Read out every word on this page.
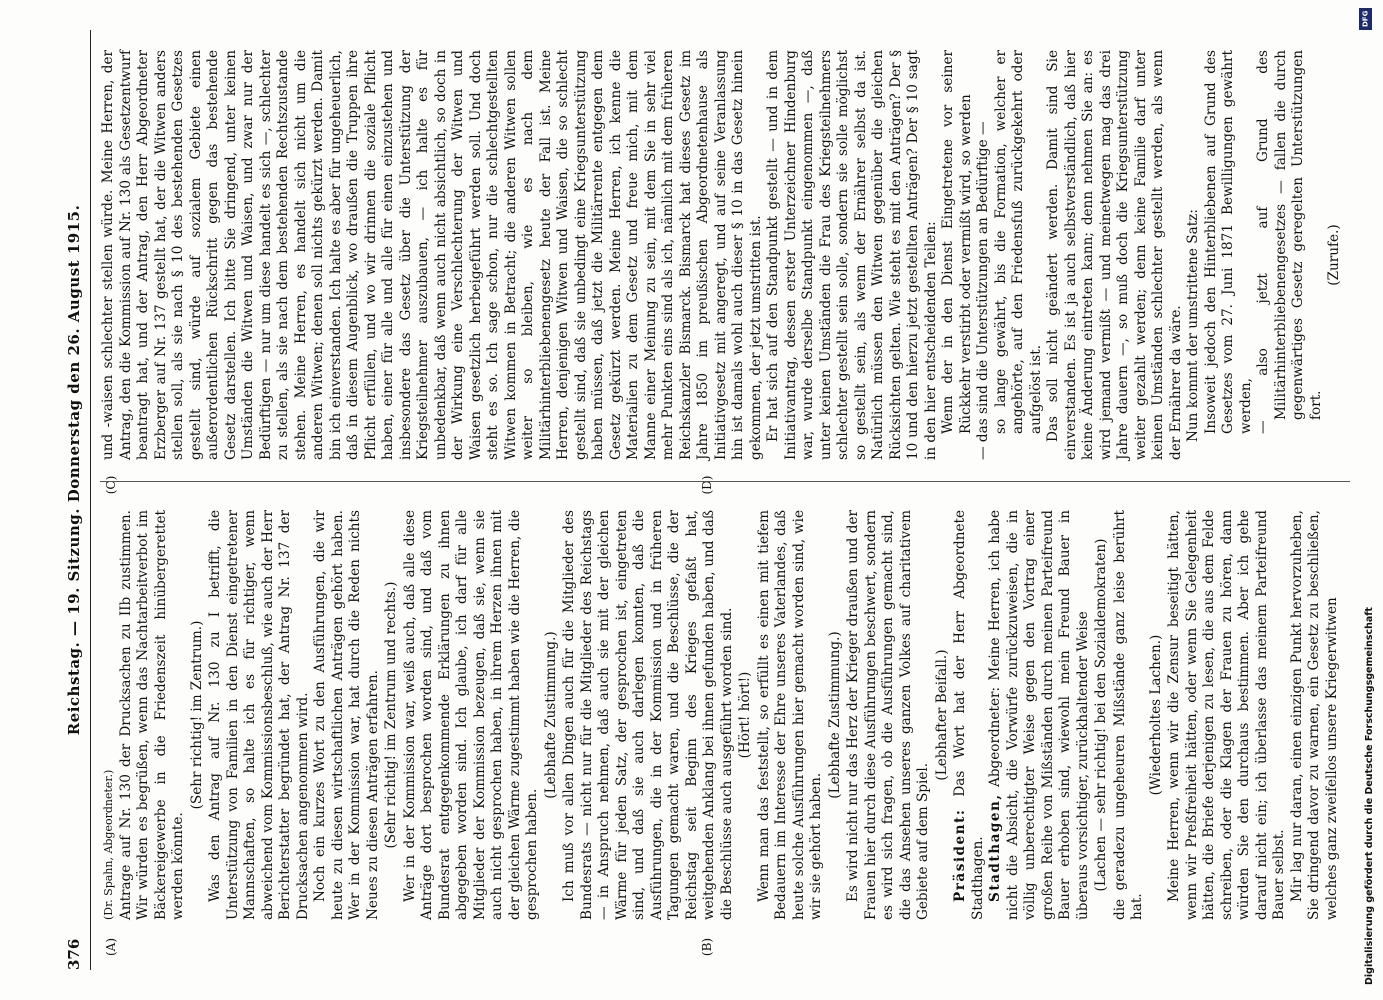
376
Reichstag. — 19. Sitzung. Donnerstag den 26. August 1915.
(A)	(B)
(C)	(D)

(Dr. Spahn, Abgeordneter.) Antrage auf Nr. 130 der Drucksachen zu IIb zustimmen. Wir würden es begrüßen, wenn das Nachtarbeitverbot im Bäckereigewerbe in die Friedenszeit hinübergerettet werden könnte.

(Sehr richtig! im Zentrum.) Was den Antrag auf Nr. 130 zu I betrifft, die Unterstützung von Familien in den Dienst eingetretener Mannschaften, so halte ich es für richtiger, wenn abweichend vom Kommissionsbeschluß, wie auch der Herr Berichterstatter begründet hat, der Antrag Nr. 137 der Drucksachen angenommen wird. Noch ein kurzes Wort zu den Ausführungen, die wir heute zu diesen wirtschaftlichen Anträgen gehört haben. Wer in der Kommission war, hat durch die Reden nichts Neues zu diesen Anträgen erfahren. (Sehr richtig! im Zentrum und rechts.) Wer in der Kommission war, weiß auch, daß alle diese Anträge dort besprochen worden sind, und daß vom Bundesrat entgegenkommende Erklärungen zu ihnen abgegeben worden sind. Ich glaube, ich darf für alle Mitglieder der Kommission bezeugen, daß sie, wenn sie auch nicht gesprochen haben, in ihrem Herzen ihnen mit der gleichen Wärme zugestimmt haben wie die Herren, die gesprochen haben.

(Lebhafte Zustimmung.) Ich muß vor allen Dingen auch für die Mitglieder des Bundesrats — nicht nur für die Mitglieder des Reichstags — in Anspruch nehmen, daß auch sie mit der gleichen Wärme für jeden Satz, der gesprochen ist, eingetreten sind, und daß sie auch darlegen konnten, daß die Ausführungen, die in der Kommission und in früheren Tagungen gemacht waren, und die Beschlüsse, die der Reichstag seit Beginn des Krieges gefaßt hat, weitgehenden Anklang bei ihnen gefunden haben, und daß die Beschlüsse auch ausgeführt worden sind. (Hört! hört!) Wenn man das feststellt, so erfüllt es einen mit tiefem Bedauern im Interesse der Ehre unseres Vaterlandes, daß heute solche Ausführungen hier gemacht worden sind, wie wir sie gehört haben.

(Lebhafte Zustimmung.) Es wird nicht nur das Herz der Krieger draußen und der Frauen hier durch diese Ausführungen beschwert, sondern es wird sich fragen, ob die Ausführungen gemacht sind, die das Ansehen unseres ganzen Volkes auf charitativem Gebiete auf dem Spiel.

(Lebhafter Beifall.)

Präsident: Das Wort hat der Herr Abgeordnete Stadthagen. Stadthagen, Abgeordneter: Meine Herren, ich habe nicht die Absicht, die Vorwürfe zurückzuweisen, die in völlig unberechtigter Weise gegen den Vortrag einer großen Reihe von Mißständen durch meinen Parteifreund Bauer erhoben sind, wiewohl mein Freund Bauer in überaus vorsichtiger, zurückhaltender Weise (Lachen — sehr richtig! bei den Sozialdemokraten) die geradezu ungeheuren Mißstände ganz leise berührt hat.

(Wiederholtes Lachen.) Meine Herren, wenn wir die Zensur beseitigt hätten, wenn wir Preßfreiheit hätten, oder wenn Sie Gelegenheit hätten, die Briefe derjenigen zu lesen, die aus dem Felde schreiben, oder die Klagen der Frauen zu hören, dann würden Sie den durchaus bestimmen. Aber ich gehe darauf nicht ein; ich überlasse das meinem Parteifreund Bauer selbst. Mir lag nur daran, einen einzigen Punkt hervorzuheben, Sie dringend davor zu warnen, ein Gesetz zu beschließen, welches ganz zweifellos unsere Kriegerwitwen

und -waisen schlechter stellen würde. Meine Herren, der Antrag, den die Kommission auf Nr. 130 als Gesetzentwurf beantragt hat, und der Antrag, den Herr Abgeordneter Erzberger auf Nr. 137 gestellt hat, der die Witwen anders stellen soll, als sie nach § 10 des bestehenden Gesetzes gestellt sind, würde auf sozialem Gebiete einen außerordentlichen Rückschritt gegen das bestehende Gesetz darstellen. Ich bitte Sie dringend, unter keinen Umständen die Witwen und Waisen, und zwar nur der Bedürftigen — nur um diese handelt es sich —, schlechter zu stellen, als sie nach dem bestehenden Rechtszustande stehen. Meine Herren, es handelt sich nicht um die anderen Witwen; denen soll nichts gekürzt werden. Damit bin ich einverstanden. Ich halte es aber für ungeheuerlich, daß in diesem Augenblick, wo draußen die Truppen ihre Pflicht erfüllen, und wo wir drinnen die soziale Pflicht haben, einer für alle und alle für einen einzustehen und insbesondere das Gesetz über die Unterstützung der Kriegsteilnehmer auszubauen, — ich halte es für unbedenkbar, daß wenn auch nicht absichtlich, so doch in der Wirkung eine Verschlechterung der Witwen und Waisen gesetzlich herbeigeführt werden soll. Und doch steht es so. Ich sage schon, nur die schlechtgestellten Witwen kommen in Betracht; die anderen Witwen sollen weiter so bleiben, wie es nach dem Militärhinterbliebenengesetz heute der Fall ist. Meine Herren, denjenigen Witwen und Waisen, die so schlecht gestellt sind, daß sie unbedingt eine Kriegsunterstützung haben müssen, daß jetzt die Militärrente entgegen dem Gesetz gekürzt werden. Meine Herren, ich kenne die Materialien zu dem Gesetz und freue mich, mit dem Manne einer Meinung zu sein, mit dem Sie in sehr viel mehr Punkten eins sind als ich, nämlich mit dem früheren Reichskanzler Bismarck. Bismarck hat dieses Gesetz im Jahre 1850 im preußischen Abgeordnetenhause als Initiativgesetz mit angeregt, und auf seine Veranlassung hin ist damals wohl auch dieser § 10 in das Gesetz hinein gekommen, der jetzt umstritten ist. Er hat sich auf den Standpunkt gestellt — und in dem Initiativantrag, dessen erster Unterzeichner Hindenburg war, wurde derselbe Standpunkt eingenommen —, daß unter keinen Umständen die Frau des Kriegsteilnehmers schlechter gestellt sein solle, sondern sie solle möglichst so gestellt sein, als wenn der Ernährer selbst da ist. Natürlich müssen den Witwen gegenüber die gleichen Rücksichten gelten. Wie steht es mit den Anträgen? Der § 10 und den hierzu jetzt gestellten Anträgen? Der § 10 sagt in den hier entscheidenden Teilen: Wenn der in den Dienst Eingetretene vor seiner Rückkehr verstirbt oder vermißt wird, so werden — das sind die Unterstützungen an Bedürftige — so lange gewährt, bis die Formation, welcher er angehörte, auf den Friedensfuß zurückgekehrt oder aufgelöst ist. Das soll nicht geändert werden. Damit sind Sie einverstanden. Es ist ja auch selbstverständlich, daß hier keine Änderung eintreten kann; denn nehmen Sie an: es wird jemand vermißt — und meinetwegen mag das drei Jahre dauern —, so muß doch die Kriegsunterstützung weiter gezahlt werden; denn keine Familie darf unter keinen Umständen schlechter gestellt werden, als wenn der Ernährer da wäre. Nun kommt der umstrittene Satz: Insoweit jedoch den Hinterbliebenen auf Grund des Gesetzes vom 27. Juni 1871 Bewilligungen gewährt werden, — also jetzt auf Grund des Militärhinterbliebenengesetzes — fallen die durch gegenwärtiges Gesetz geregelten Unterstützungen fort.

(Zurufe.)

Digitalisierung gefördert durch die Deutsche Forschungsgemeinschaft
DFG
